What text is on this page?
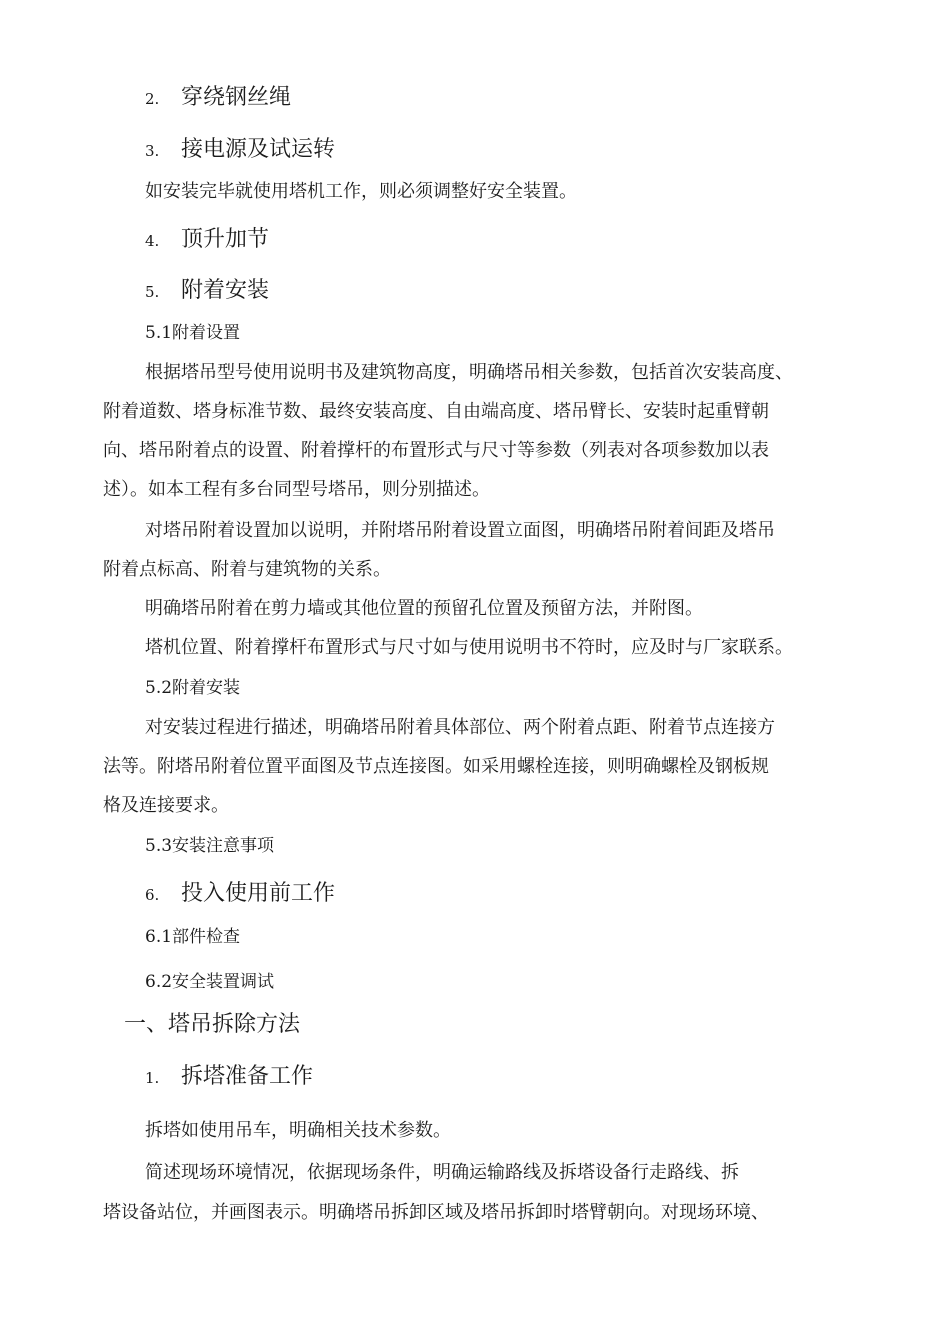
2. 穿绕钢丝绳
3. 接电源及试运转
如安装完毕就使用塔机工作，则必须调整好安全装置。
4. 顶升加节
5. 附着安装
5.1附着设置
根据塔吊型号使用说明书及建筑物高度，明确塔吊相关参数，包括首次安装高度、
附着道数、塔身标准节数、最终安装高度、自由端高度、塔吊臂长、安装时起重臂朝
向、塔吊附着点的设置、附着撑杆的布置形式与尺寸等参数（列表对各项参数加以表
述）。如本工程有多台同型号塔吊，则分别描述。
对塔吊附着设置加以说明，并附塔吊附着设置立面图，明确塔吊附着间距及塔吊
附着点标高、附着与建筑物的关系。
明确塔吊附着在剪力墙或其他位置的预留孔位置及预留方法，并附图。
塔机位置、附着撑杆布置形式与尺寸如与使用说明书不符时，应及时与厂家联系。
5.2附着安装
对安装过程进行描述，明确塔吊附着具体部位、两个附着点距、附着节点连接方
法等。附塔吊附着位置平面图及节点连接图。如采用螺栓连接，则明确螺栓及钢板规
格及连接要求。
5.3安装注意事项
6. 投入使用前工作
6.1部件检查
6.2安全装置调试
一、塔吊拆除方法
1. 拆塔准备工作
拆塔如使用吊车，明确相关技术参数。
简述现场环境情况，依据现场条件，明确运输路线及拆塔设备行走路线、拆
塔设备站位，并画图表示。明确塔吊拆卸区域及塔吊拆卸时塔臂朝向。对现场环境、
